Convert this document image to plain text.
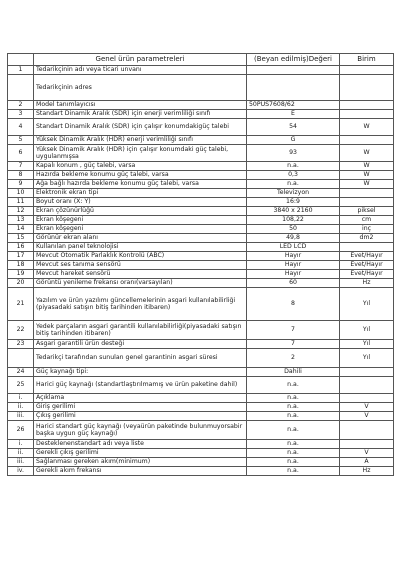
	Genel ürün parametreleri	(Beyan edilmiş)Değeri	Birim
1	Tedarikçinin adı veya ticari unvanı		
	Tedarikçinin adres		
2	Model tanımlayıcısı	50PUS7608/62	
3	Standart Dinamik Aralık (SDR) için enerji verimliliği sınıfı	E	
4	Standart Dinamik Aralık (SDR) için çalışır konumdakigüç talebi	54	W
5	Yüksek Dinamik Aralık (HDR) enerji verimliliği sınıfı	G	
6	Yüksek Dinamik Aralık (HDR) için çalışır konumdaki güç talebi, uygulanmışsa	93	W
7	Kapalı konum , güç talebi, varsa	n.a.	W
8	Hazırda bekleme konumu güç talebi, varsa	0,3	W
9	Ağa bağlı hazırda bekleme konumu güç talebi, varsa	n.a.	W
10	Elektronik ekran tipi	Televizyon	
11	Boyut oranı (X: Y)	16:9	
12	Ekran çözünürlüğü	3840 x 2160	piksel
13	Ekran köşegeni	108,22	cm
14	Ekran köşegeni	50	inç
15	Görünür ekran alanı	49,8	dm2
16	Kullanılan panel teknolojisi	LED LCD	
17	Mevcut Otomatik Parlaklık Kontrolü (ABC)	Hayır	Evet/Hayır
18	Mevcut ses tanıma sensörü	Hayır	Evet/Hayır
19	Mevcut hareket sensörü	Hayır	Evet/Hayır
20	Görüntü yenileme frekansı oranı(varsayılan)	60	Hz
21	Yazılım ve ürün yazılımı güncellemelerinin asgari kullanılabilirliği (piyasadaki satışın bitiş tarihinden itibaren)	8	Yıl
22	Yedek parçaların asgari garantili kullanılabilirliği(piyasadaki satışın bitiş tarihinden itibaren)	7	Yıl
23	Asgari garantili ürün desteği	7	Yıl
	Tedarikçi tarafından sunulan genel garantinin asgari süresi	2	Yıl
24	Güç kaynağı tipi:	Dahili	
25	Harici güç kaynağı (standartlaştırılmamış ve ürün paketine dahil)	n.a.	
i.	Açıklama	n.a.	
ii.	Giriş gerilimi	n.a.	V
iii.	Çıkış gerilimi	n.a.	V
26	Harici standart güç kaynağı (veyaürün paketinde bulunmuyorsabir başka uygun güç kaynağı)	n.a.	
i.	Desteklenenstandart adı veya liste	n.a.	
ii.	Gerekli çıkış gerilimi	n.a.	V
iii.	Sağlanması gereken akım(minimum)	n.a.	A
iv.	Gerekli akım frekansı	n.a.	Hz
